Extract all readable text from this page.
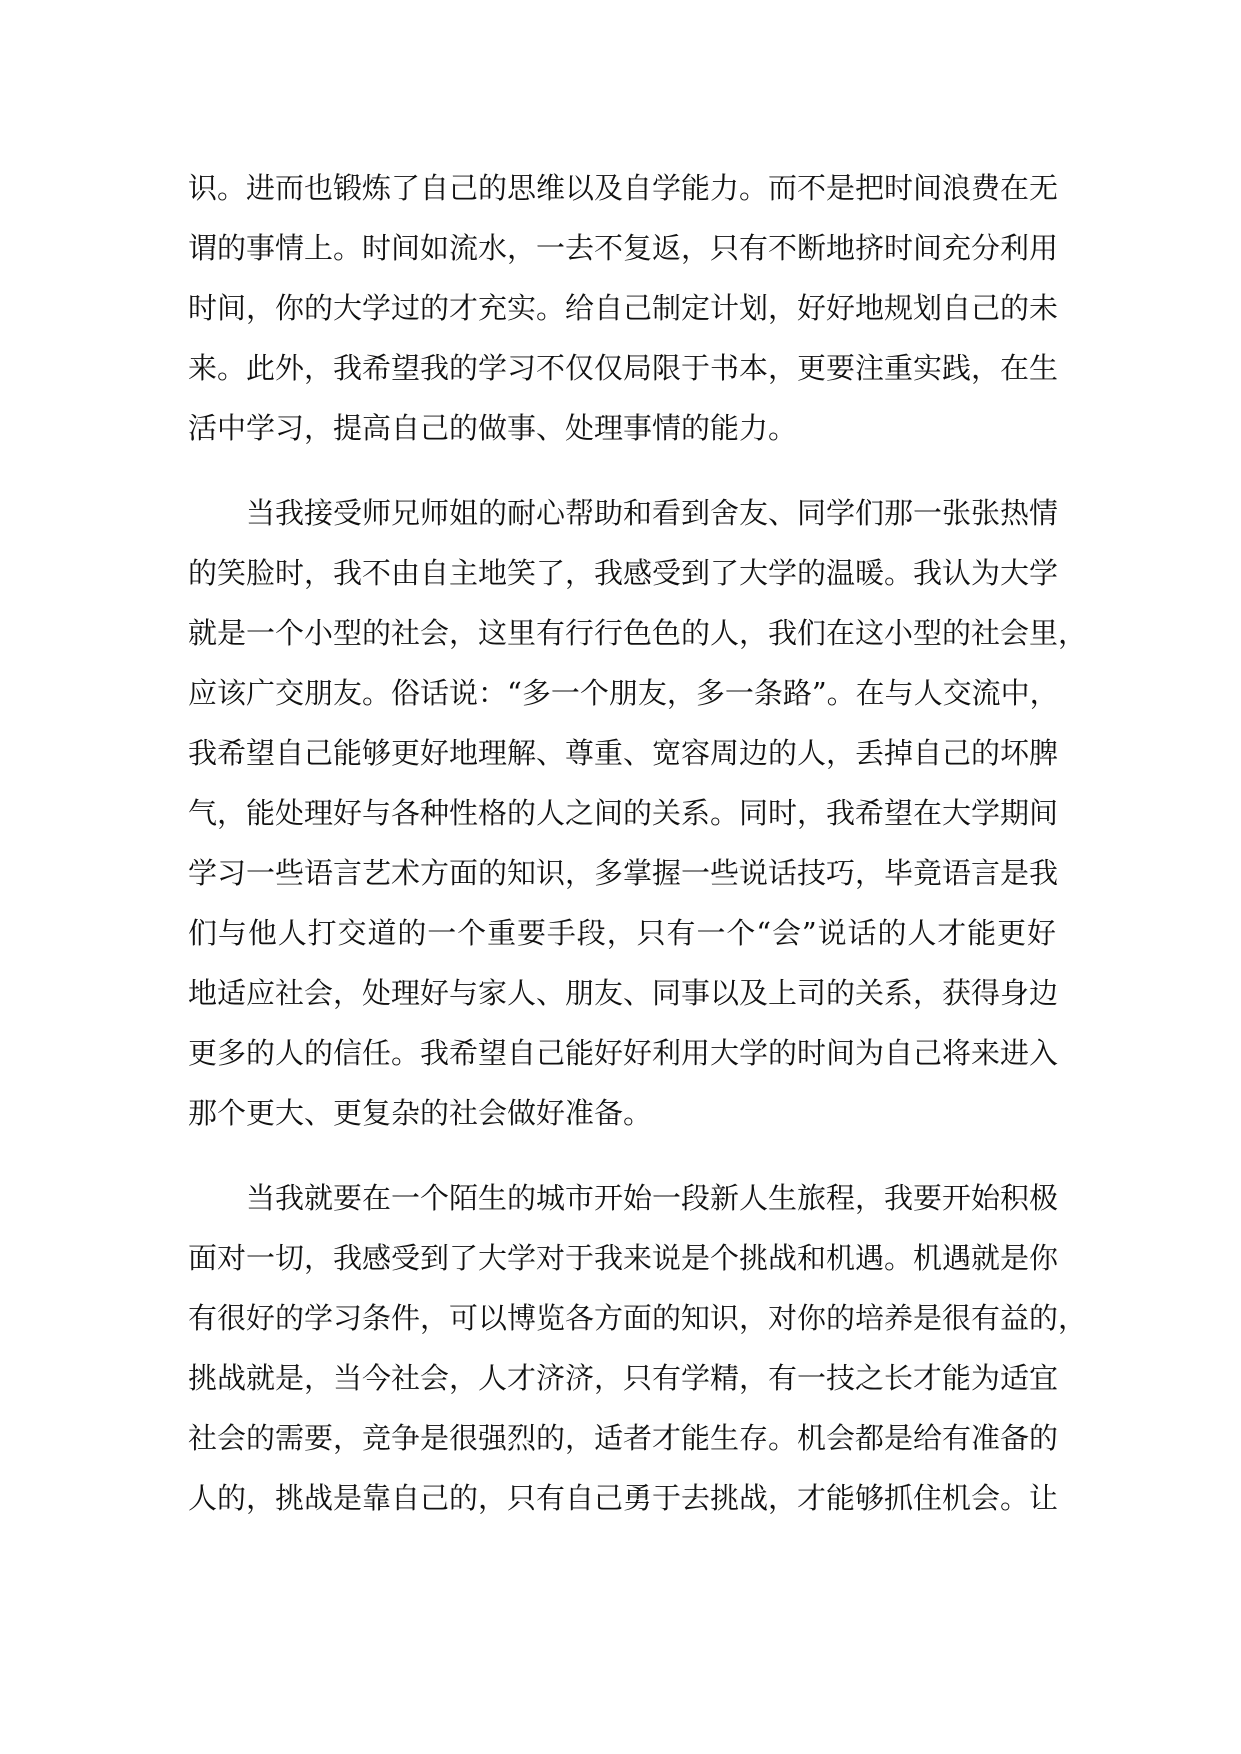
识。进而也锻炼了自己的思维以及自学能力。而不是把时间浪费在无
谓的事情上。时间如流水，一去不复返，只有不断地挤时间充分利用
时间，你的大学过的才充实。给自己制定计划，好好地规划自己的未
来。此外，我希望我的学习不仅仅局限于书本，更要注重实践，在生
活中学习，提高自己的做事、处理事情的能力。
当我接受师兄师姐的耐心帮助和看到舍友、同学们那一张张热情
的笑脸时，我不由自主地笑了，我感受到了大学的温暖。我认为大学
就是一个小型的社会，这里有行行色色的人，我们在这小型的社会里，
应该广交朋友。俗话说：“多一个朋友，多一条路”。在与人交流中，
我希望自己能够更好地理解、尊重、宽容周边的人，丢掉自己的坏脾
气，能处理好与各种性格的人之间的关系。同时，我希望在大学期间
学习一些语言艺术方面的知识，多掌握一些说话技巧，毕竟语言是我
们与他人打交道的一个重要手段，只有一个“会”说话的人才能更好
地适应社会，处理好与家人、朋友、同事以及上司的关系，获得身边
更多的人的信任。我希望自己能好好利用大学的时间为自己将来进入
那个更大、更复杂的社会做好准备。
当我就要在一个陌生的城市开始一段新人生旅程，我要开始积极
面对一切，我感受到了大学对于我来说是个挑战和机遇。机遇就是你
有很好的学习条件，可以博览各方面的知识，对你的培养是很有益的，
挑战就是，当今社会，人才济济，只有学精，有一技之长才能为适宜
社会的需要，竞争是很强烈的，适者才能生存。机会都是给有准备的
人的，挑战是靠自己的，只有自己勇于去挑战，才能够抓住机会。让
